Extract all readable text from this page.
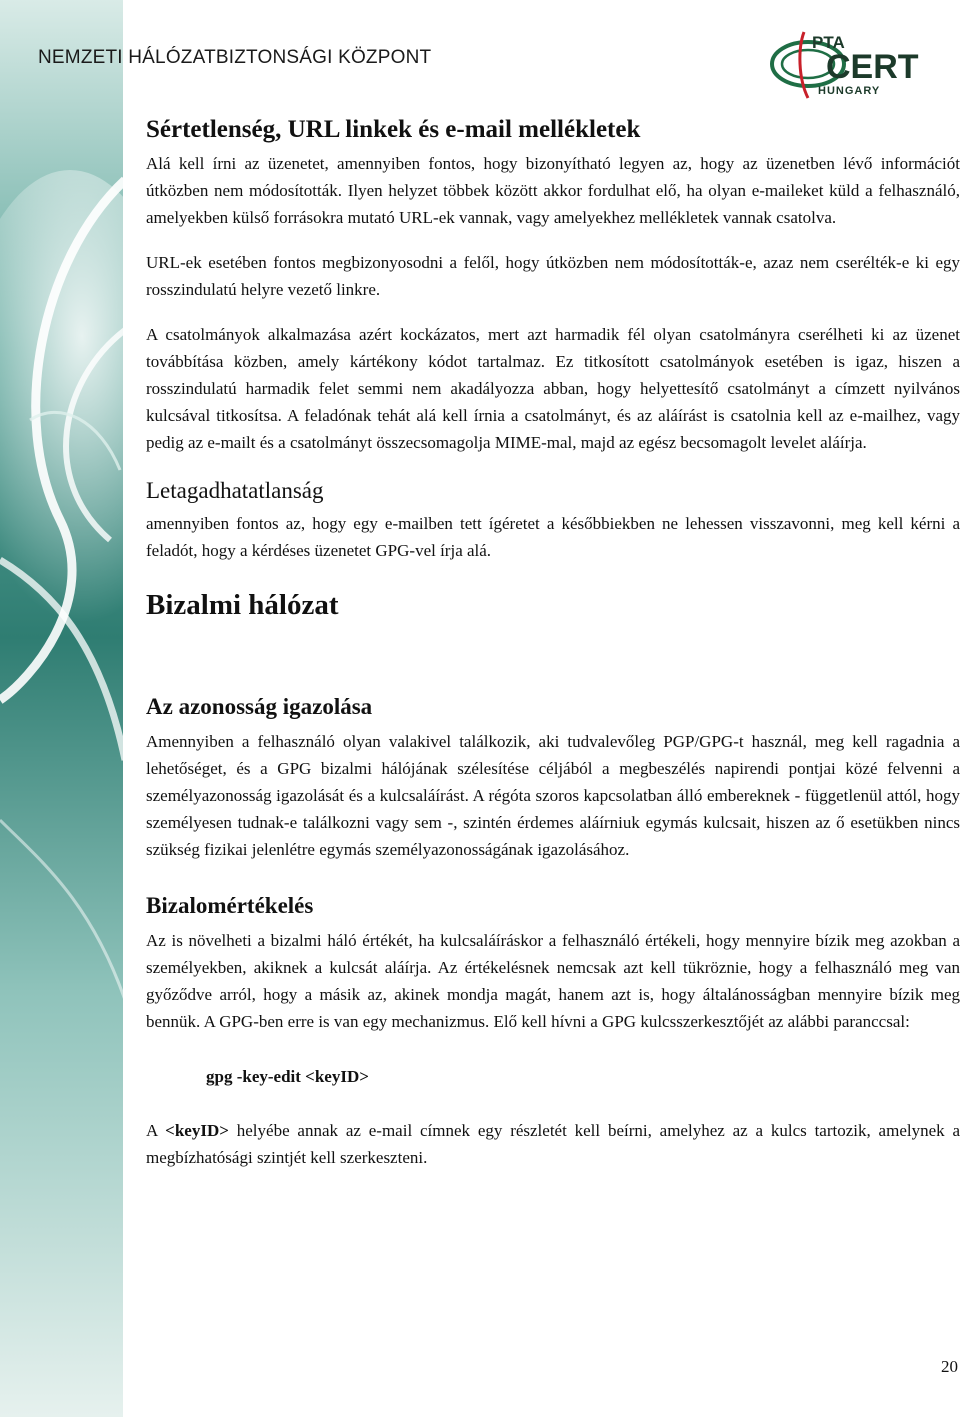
NEMZETI HÁLÓZATBIZTONSÁGI KÖZPONT
PTA
CERT
HUNGARY
Sértetlenség, URL linkek és e-mail mellékletek

Alá kell írni az üzenetet, amennyiben fontos, hogy bizonyítható legyen az, hogy az üzenetben lévő információt útközben nem módosították. Ilyen helyzet többek között akkor fordulhat elő, ha olyan e-maileket küld a felhasználó, amelyekben külső forrásokra mutató URL-ek vannak, vagy amelyekhez mellékletek vannak csatolva.

URL-ek esetében fontos megbizonyosodni a felől, hogy útközben nem módosították-e, azaz nem cserélték-e ki egy rosszindulatú helyre vezető linkre.

A csatolmányok alkalmazása azért kockázatos, mert azt harmadik fél olyan csatolmányra cserélheti ki az üzenet továbbítása közben, amely kártékony kódot tartalmaz. Ez titkosított csatolmányok esetében is igaz, hiszen a rosszindulatú harmadik felet semmi nem akadályozza abban, hogy helyettesítő csatolmányt a címzett nyilvános kulcsával titkosítsa. A feladónak tehát alá kell írnia a csatolmányt, és az aláírást is csatolnia kell az e-mailhez, vagy pedig az e-mailt és a csatolmányt összecsomagolja MIME-mal, majd az egész becsomagolt levelet aláírja.

Letagadhatatlanság

amennyiben fontos az, hogy egy e-mailben tett ígéretet a későbbiekben ne lehessen visszavonni, meg kell kérni a feladót, hogy a kérdéses üzenetet GPG-vel írja alá.

Bizalmi hálózat
Az azonosság igazolása

Amennyiben a felhasználó olyan valakivel találkozik, aki tudvalevőleg PGP/GPG-t használ, meg kell ragadnia a lehetőséget, és a GPG bizalmi hálójának szélesítése céljából a megbeszélés napirendi pontjai közé felvenni a személyazonosság igazolását és a kulcsaláírást. A régóta szoros kapcsolatban álló embereknek - függetlenül attól, hogy személyesen tudnak-e találkozni vagy sem -, szintén érdemes aláírniuk egymás kulcsait, hiszen az ő esetükben nincs szükség fizikai jelenlétre egymás személyazonosságának igazolásához.

Bizalomértékelés

Az is növelheti a bizalmi háló értékét, ha kulcsaláíráskor a felhasználó értékeli, hogy mennyire bízik meg azokban a személyekben, akiknek a kulcsát aláírja. Az értékelésnek nemcsak azt kell tükröznie, hogy a felhasználó meg van győződve arról, hogy a másik az, akinek mondja magát, hanem azt is, hogy általánosságban mennyire bízik meg bennük. A GPG-ben erre is van egy mechanizmus. Elő kell hívni a GPG kulcsszerkesztőjét az alábbi paranccsal:

gpg -key-edit <keyID>

A <keyID> helyébe annak az e-mail címnek egy részletét kell beírni, amelyhez az a kulcs tartozik, amelynek a megbízhatósági szintjét kell szerkeszteni.

20
